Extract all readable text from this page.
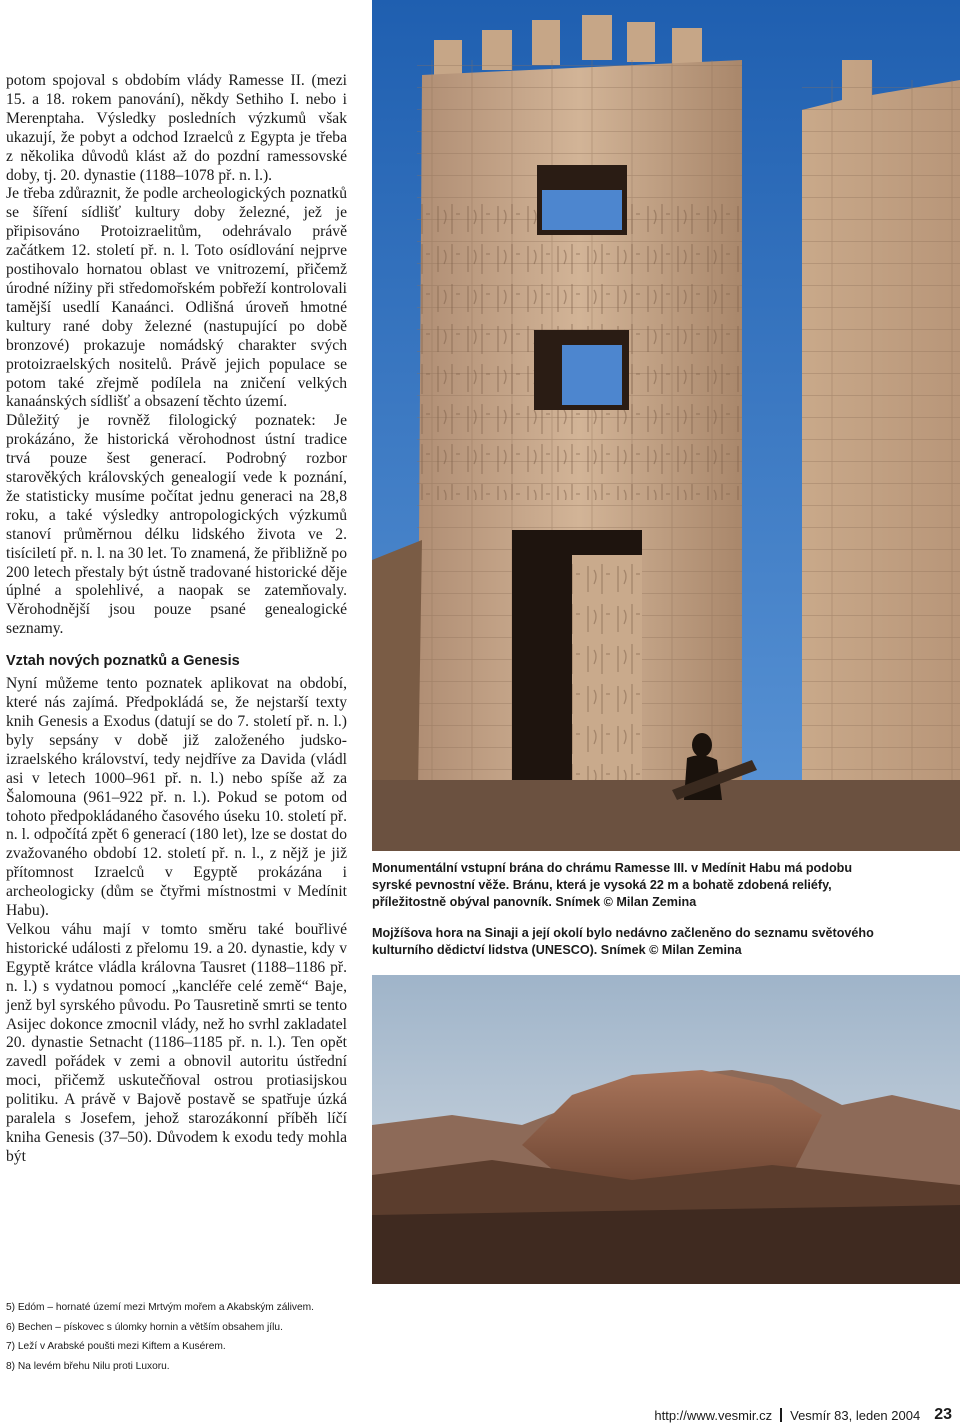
potom spojoval s obdobím vlády Ramesse II. (mezi 15. a 18. rokem panování), někdy Sethiho I. nebo i Merenptaha. Výsledky posledních výzkumů však ukazují, že pobyt a odchod Izraelců z Egypta je třeba z několika důvodů klást až do pozdní ramessovské doby, tj. 20. dynastie (1188–1078 př. n. l.).

Je třeba zdůraznit, že podle archeologických poznatků se šíření sídlišť kultury doby železné, jež je připisováno Protoizraelitům, odehrávalo právě začátkem 12. století př. n. l. Toto osídlování nejprve postihovalo hornatou oblast ve vnitrozemí, přičemž úrodné nížiny při středomořském pobřeží kontrolovali tamější usedlí Kanaánci. Odlišná úroveň hmotné kultury rané doby železné (nastupující po době bronzové) prokazuje nomádský charakter svých protoizraelských nositelů. Právě jejich populace se potom také zřejmě podílela na zničení velkých kanaánských sídlišť a obsazení těchto území.

Důležitý je rovněž filologický poznatek: Je prokázáno, že historická věrohodnost ústní tradice trvá pouze šest generací. Podrobný rozbor starověkých královských genealogií vede k poznání, že statisticky musíme počítat jednu generaci na 28,8 roku, a také výsledky antropologických výzkumů stanoví průměrnou délku lidského života ve 2. tisíciletí př. n. l. na 30 let. To znamená, že přibližně po 200 letech přestaly být ústně tradované historické děje úplné a spolehlivé, a naopak se zatemňovaly. Věrohodnější jsou pouze psané genealogické seznamy.

Vztah nových poznatků a Genesis

Nyní můžeme tento poznatek aplikovat na období, které nás zajímá. Předpokládá se, že nejstarší texty knih Genesis a Exodus (datují se do 7. století př. n. l.) byly sepsány v době již založeného judsko-izraelského království, tedy nejdříve za Davida (vládl asi v letech 1000–961 př. n. l.) nebo spíše až za Šalomouna (961–922 př. n. l.). Pokud se potom od tohoto předpokládaného časového úseku 10. století př. n. l. odpočítá zpět 6 generací (180 let), lze se dostat do zvažovaného období 12. století př. n. l., z nějž je již přítomnost Izraelců v Egyptě prokázána i archeologicky (dům se čtyřmi místnostmi v Medínit Habu).

Velkou váhu mají v tomto směru také bouřlivé historické události z přelomu 19. a 20. dynastie, kdy v Egyptě krátce vládla královna Tausret (1188–1186 př. n. l.) s vydatnou pomocí „kancléře celé země“ Baje, jenž byl syrského původu. Po Tausretině smrti se tento Asijec dokonce zmocnil vlády, než ho svrhl zakladatel 20. dynastie Setnacht (1186–1185 př. n. l.). Ten opět zavedl pořádek v zemi a obnovil autoritu ústřední moci, přičemž uskutečňoval ostrou protiasijskou politiku. A právě v Bajově postavě se spatřuje úzká paralela s Josefem, jehož starozákonní příběh líčí kniha Genesis (37–50). Důvodem k exodu tedy mohla být

Monumentální vstupní brána do chrámu Ramesse III. v Medínit Habu má podobu syrské pevnostní věže. Bránu, která je vysoká 22 m a bohatě zdobená reliéfy, příležitostně obýval panovník. Snímek © Milan Zemina

Mojžíšova hora na Sinaji a její okolí bylo nedávno začleněno do seznamu světového kulturního dědictví lidstva (UNESCO). Snímek © Milan Zemina

5) Edóm – hornaté území mezi Mrtvým mořem a Akabským zálivem.
6) Bechen – pískovec s úlomky hornin a větším obsahem jílu.
7) Leží v Arabské poušti mezi Kiftem a Kusérem.
8) Na levém břehu Nilu proti Luxoru.
http://www.vesmir.cz Vesmír 83, leden 2004 23
